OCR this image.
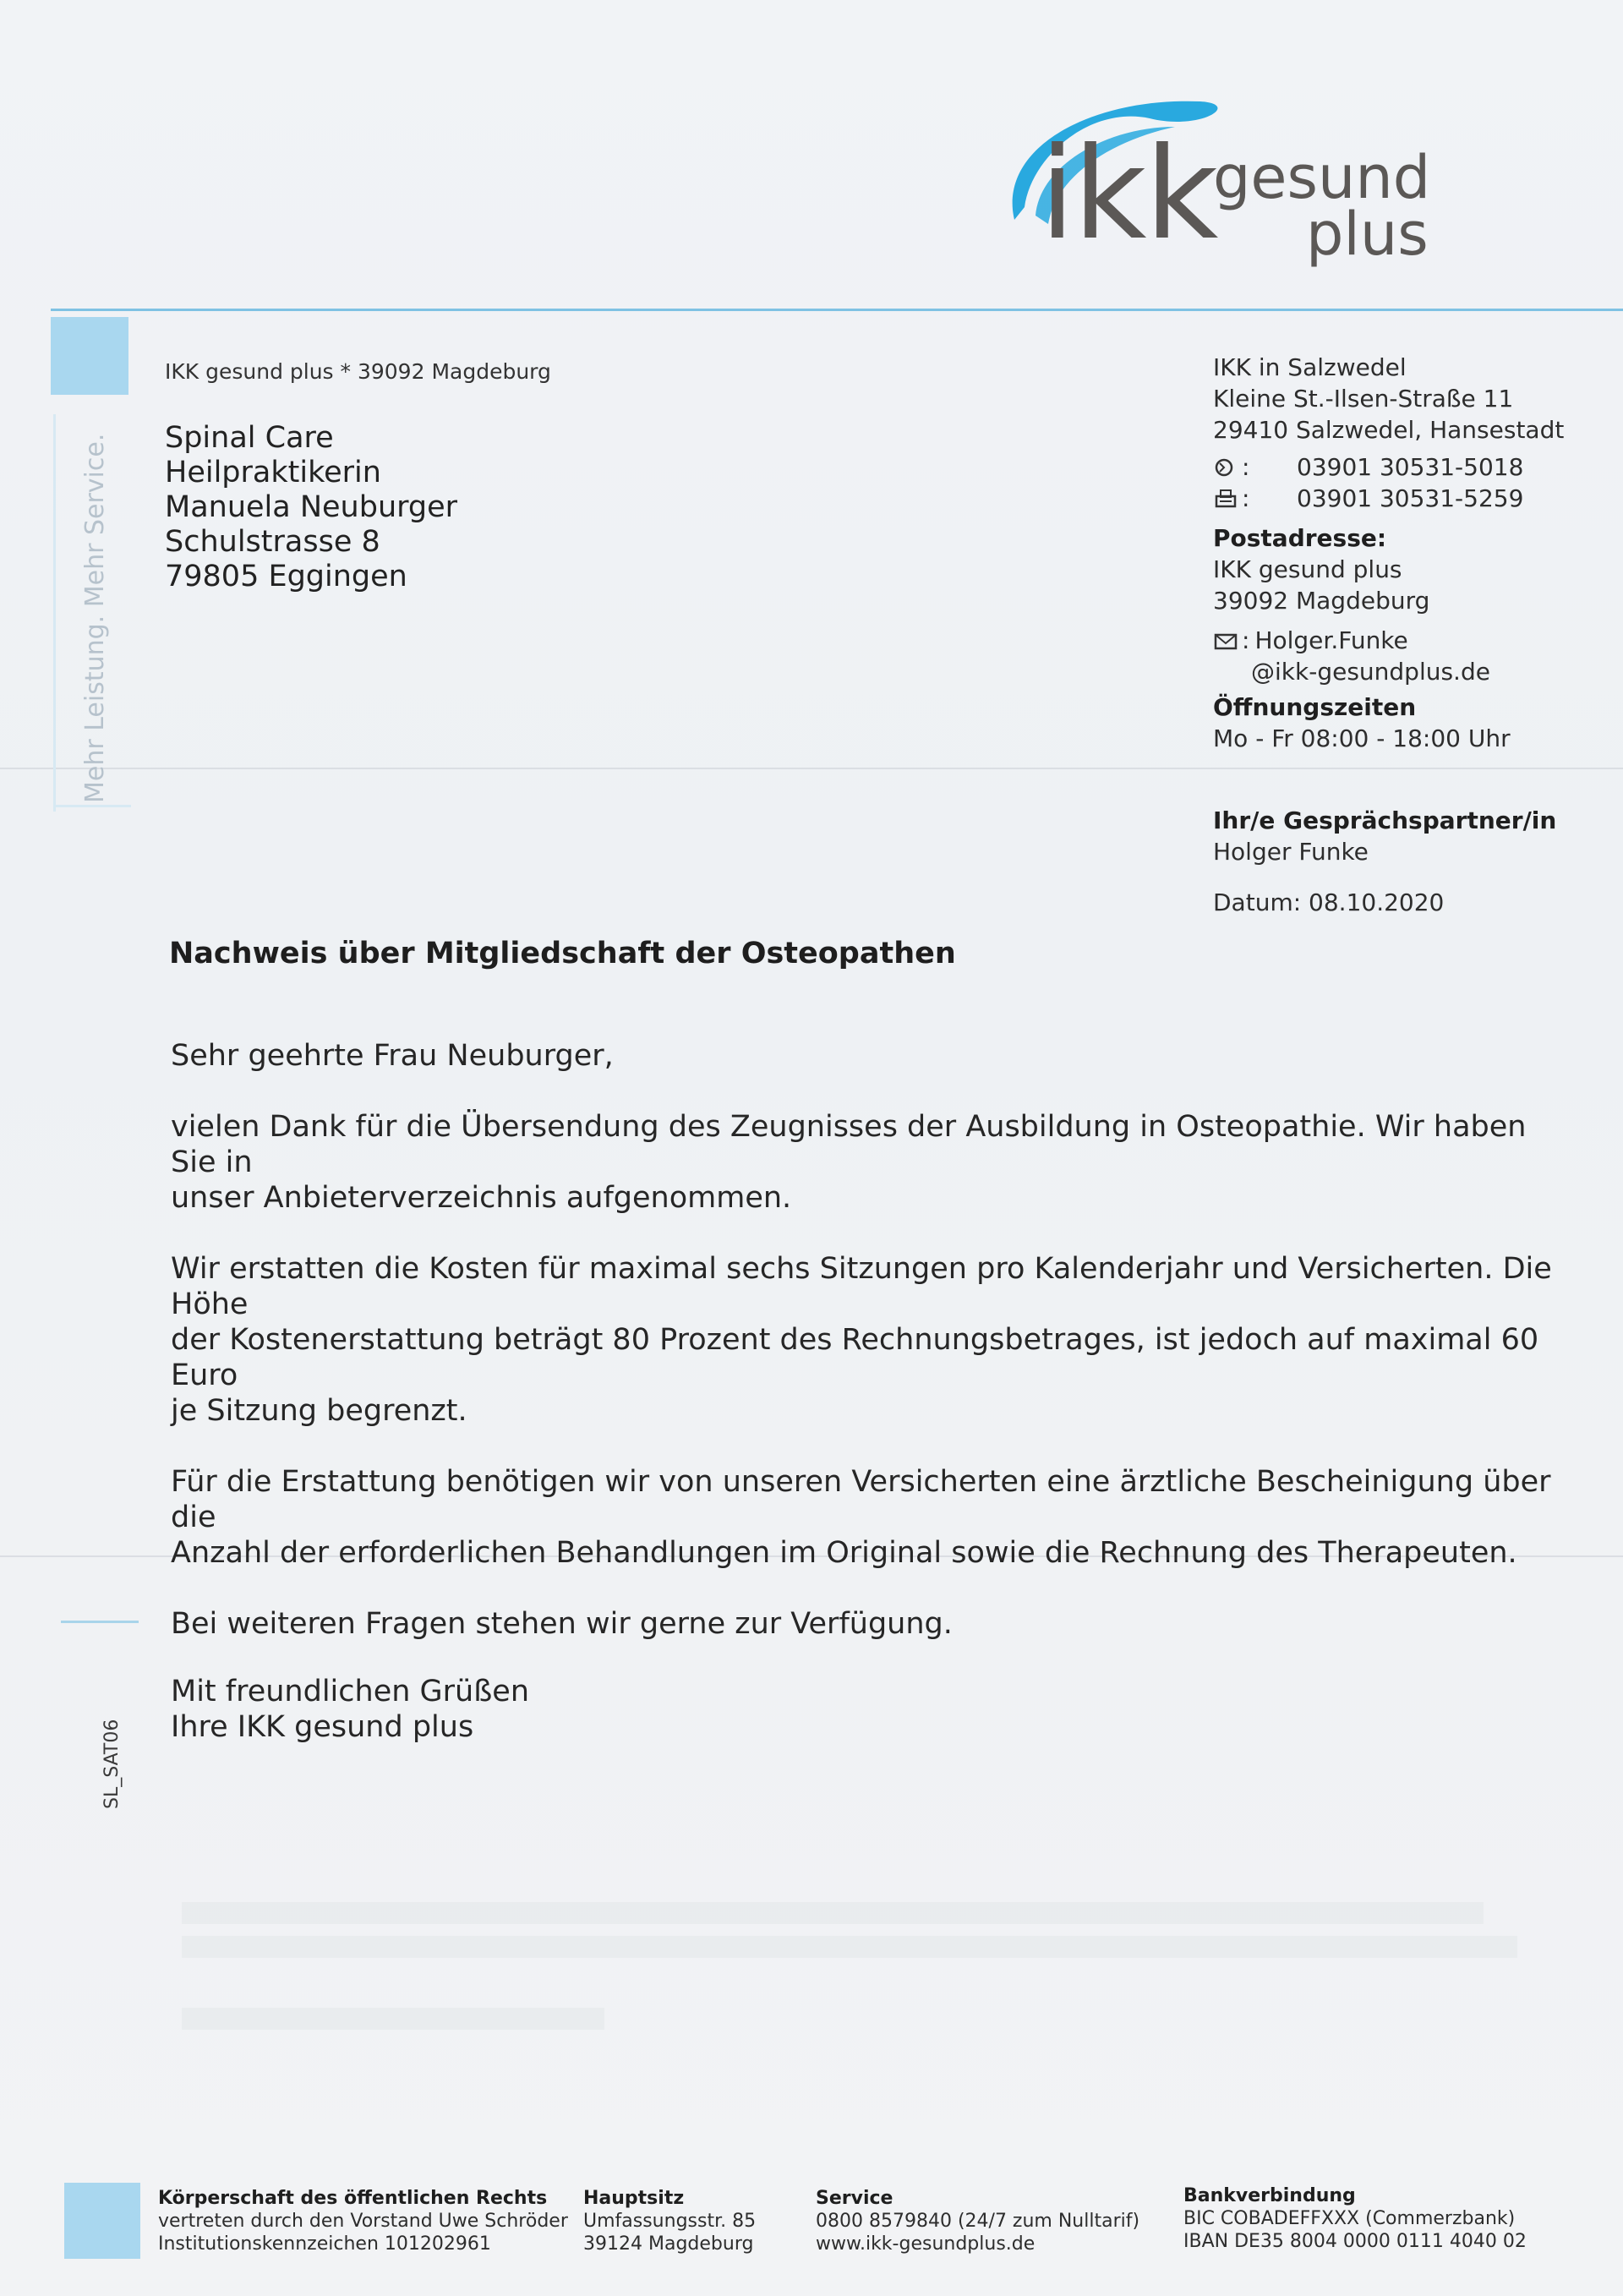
ikk
gesund
plus
Mehr Leistung. Mehr Service.
SL_SAT06
IKK gesund plus * 39092 Magdeburg
Spinal Care
Heilpraktikerin
Manuela Neuburger
Schulstrasse 8
79805 Eggingen
IKK in Salzwedel
Kleine St.-Ilsen-Straße 11
29410 Salzwedel, Hansestadt
:	03901 30531-5018
:	03901 30531-5259
Postadresse:
IKK gesund plus
39092 Magdeburg
: Holger.Funke
@ikk-gesundplus.de
Öffnungszeiten
Mo - Fr 08:00 - 18:00 Uhr
Ihr/e Gesprächspartner/in
Holger Funke
Datum: 08.10.2020
Nachweis über Mitgliedschaft der Osteopathen

Sehr geehrte Frau Neuburger,

vielen Dank für die Übersendung des Zeugnisses der Ausbildung in Osteopathie. Wir haben Sie in

unser Anbieterverzeichnis aufgenommen.

Wir erstatten die Kosten für maximal sechs Sitzungen pro Kalenderjahr und Versicherten. Die Höhe

der Kostenerstattung beträgt 80 Prozent des Rechnungsbetrages, ist jedoch auf maximal 60 Euro

je Sitzung begrenzt.

Für die Erstattung benötigen wir von unseren Versicherten eine ärztliche Bescheinigung über die

Anzahl der erforderlichen Behandlungen im Original sowie die Rechnung des Therapeuten.

Bei weiteren Fragen stehen wir gerne zur Verfügung.

Mit freundlichen Grüßen

Ihre IKK gesund plus

Körperschaft des öffentlichen Rechts
vertreten durch den Vorstand Uwe Schröder
Institutionskennzeichen 101202961
Hauptsitz
Umfassungsstr. 85
39124 Magdeburg
Service
0800 8579840 (24/7 zum Nulltarif)
www.ikk-gesundplus.de
Bankverbindung
BIC COBADEFFXXX (Commerzbank)
IBAN DE35 8004 0000 0111 4040 02
